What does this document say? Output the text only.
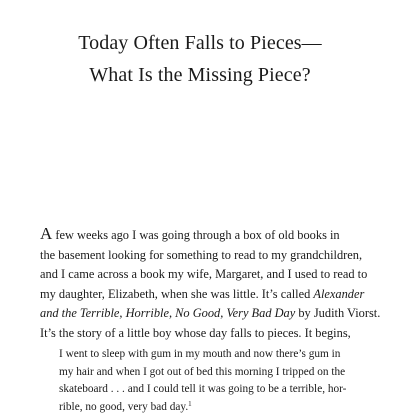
Today Often Falls to Pieces—
What Is the Missing Piece?
A few weeks ago I was going through a box of old books in
the basement looking for something to read to my grandchildren,
and I came across a book my wife, Margaret, and I used to read to
my daughter, Elizabeth, when she was little. It’s called Alexander
and the Terrible, Horrible, No Good, Very Bad Day by Judith Viorst.
It’s the story of a little boy whose day falls to pieces. It begins,
I went to sleep with gum in my mouth and now there’s gum in
my hair and when I got out of bed this morning I tripped on the
skateboard . . . and I could tell it was going to be a terrible, hor-
rible, no good, very bad day.$^1$
